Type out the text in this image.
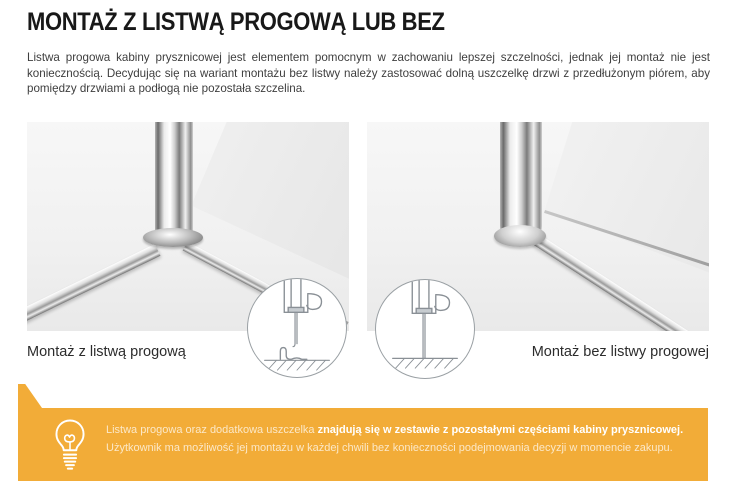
MONTAŻ Z LISTWĄ PROGOWĄ LUB BEZ

Listwa progowa kabiny prysznicowej jest elementem pomocnym w zachowaniu lepszej szczelności, jednak jej montaż nie jest koniecznością. Decydując się na wariant montażu bez listwy należy zastosować dolną uszczelkę drzwi z przedłużonym piórem, aby pomiędzy drzwiami a podłogą nie pozostała szczelina.

Montaż z listwą progową	Montaż bez listwy progowej

Listwa progowa oraz dodatkowa uszczelka znajdują się w zestawie z pozostałymi częściami kabiny prysznicowej.
Użytkownik ma możliwość jej montażu w każdej chwili bez konieczności podejmowania decyzji w momencie zakupu.
